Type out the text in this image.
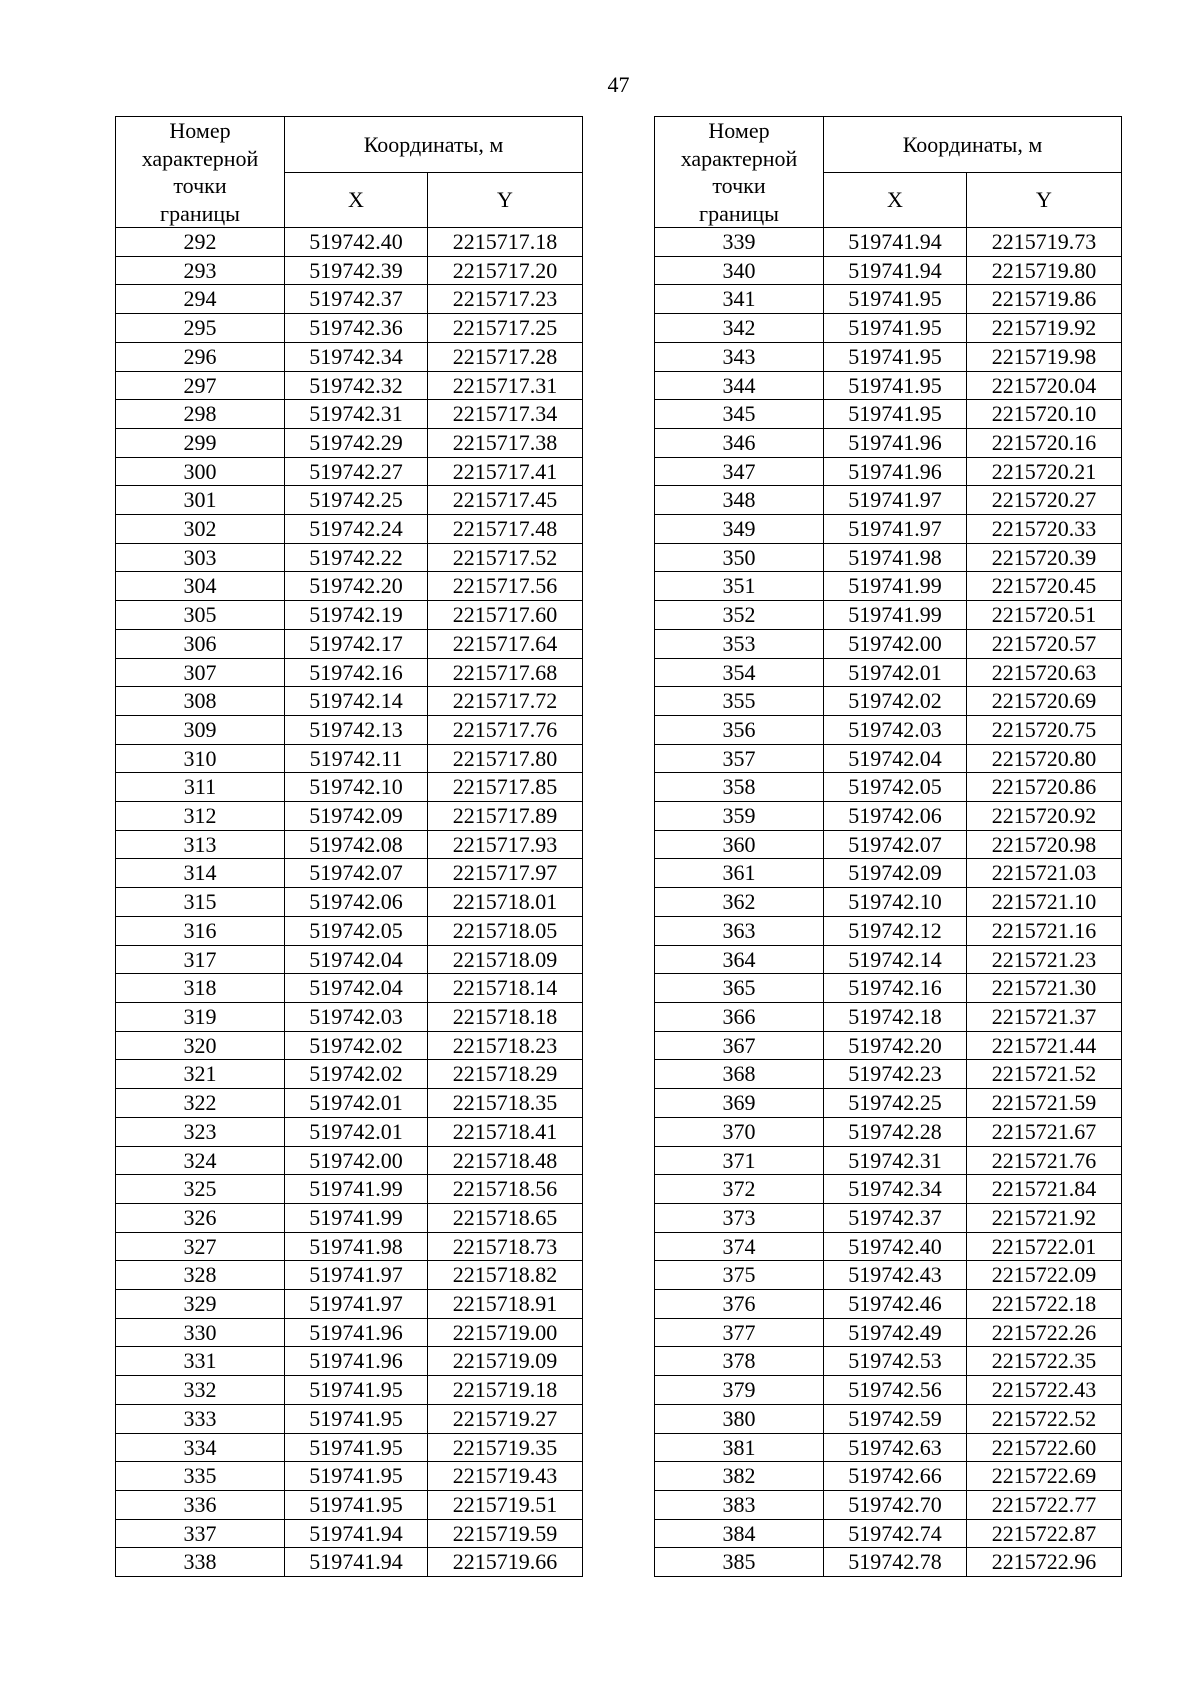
47
Номер
характерной
точки
границы	Координаты, м	
	X	Y
292	519742.40	2215717.18
293	519742.39	2215717.20
294	519742.37	2215717.23
295	519742.36	2215717.25
296	519742.34	2215717.28
297	519742.32	2215717.31
298	519742.31	2215717.34
299	519742.29	2215717.38
300	519742.27	2215717.41
301	519742.25	2215717.45
302	519742.24	2215717.48
303	519742.22	2215717.52
304	519742.20	2215717.56
305	519742.19	2215717.60
306	519742.17	2215717.64
307	519742.16	2215717.68
308	519742.14	2215717.72
309	519742.13	2215717.76
310	519742.11	2215717.80
311	519742.10	2215717.85
312	519742.09	2215717.89
313	519742.08	2215717.93
314	519742.07	2215717.97
315	519742.06	2215718.01
316	519742.05	2215718.05
317	519742.04	2215718.09
318	519742.04	2215718.14
319	519742.03	2215718.18
320	519742.02	2215718.23
321	519742.02	2215718.29
322	519742.01	2215718.35
323	519742.01	2215718.41
324	519742.00	2215718.48
325	519741.99	2215718.56
326	519741.99	2215718.65
327	519741.98	2215718.73
328	519741.97	2215718.82
329	519741.97	2215718.91
330	519741.96	2215719.00
331	519741.96	2215719.09
332	519741.95	2215719.18
333	519741.95	2215719.27
334	519741.95	2215719.35
335	519741.95	2215719.43
336	519741.95	2215719.51
337	519741.94	2215719.59
338	519741.94	2215719.66
Номер
характерной
точки
границы	Координаты, м	
	X	Y
339	519741.94	2215719.73
340	519741.94	2215719.80
341	519741.95	2215719.86
342	519741.95	2215719.92
343	519741.95	2215719.98
344	519741.95	2215720.04
345	519741.95	2215720.10
346	519741.96	2215720.16
347	519741.96	2215720.21
348	519741.97	2215720.27
349	519741.97	2215720.33
350	519741.98	2215720.39
351	519741.99	2215720.45
352	519741.99	2215720.51
353	519742.00	2215720.57
354	519742.01	2215720.63
355	519742.02	2215720.69
356	519742.03	2215720.75
357	519742.04	2215720.80
358	519742.05	2215720.86
359	519742.06	2215720.92
360	519742.07	2215720.98
361	519742.09	2215721.03
362	519742.10	2215721.10
363	519742.12	2215721.16
364	519742.14	2215721.23
365	519742.16	2215721.30
366	519742.18	2215721.37
367	519742.20	2215721.44
368	519742.23	2215721.52
369	519742.25	2215721.59
370	519742.28	2215721.67
371	519742.31	2215721.76
372	519742.34	2215721.84
373	519742.37	2215721.92
374	519742.40	2215722.01
375	519742.43	2215722.09
376	519742.46	2215722.18
377	519742.49	2215722.26
378	519742.53	2215722.35
379	519742.56	2215722.43
380	519742.59	2215722.52
381	519742.63	2215722.60
382	519742.66	2215722.69
383	519742.70	2215722.77
384	519742.74	2215722.87
385	519742.78	2215722.96
